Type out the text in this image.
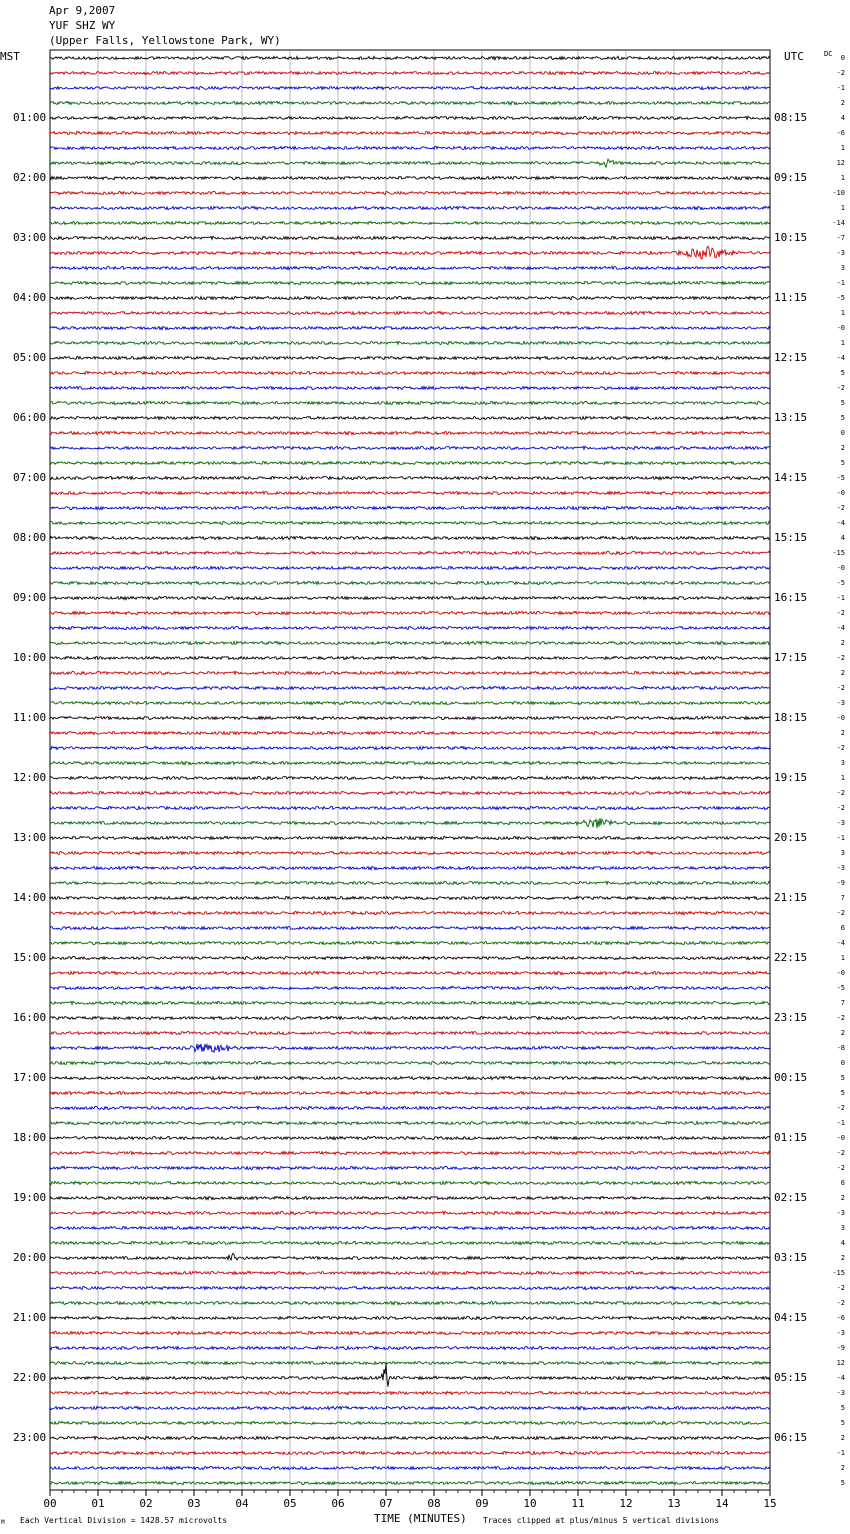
00	01	02	03	04	05	06	07	08	09	10	11	12	13	14	15
Apr 9,2007
YUF SHZ WY
(Upper Falls, Yellowstone Park, WY)
MST	UTC	DC
01:00
02:00
03:00
04:00
05:00
06:00
07:00
08:00
09:00
10:00
11:00
12:00
13:00
14:00
15:00
16:00
17:00
18:00
19:00
20:00
21:00
22:00
23:00
08:15
09:15
10:15
11:15
12:15
13:15
14:15
15:15
16:15
17:15
18:15
19:15
20:15
21:15
22:15
23:15
00:15
01:15
02:15
03:15
04:15
05:15
06:15
0
-2
-1
2
4
-6
1
12
1
-10
1
-14
-7
-3
3
-1
-5
1
-0
1
-4
5
-2
5
5
0
2
5
-5
-0
-2
-4
4
-15
-0
-5
-1
-2
-4
2
-2
2
-2
-3
-0
2
-2
3
1
-2
-2
-3
-1
3
-3
-9
7
-2
6
-4
1
-0
-5
7
-2
2
-8
0
5
5
-2
-1
-0
-2
-2
6
2
-3
3
4
2
-15
-2
-2
-6
-3
-9
12
-4
-3
5
5
2
-1
2
5
M Each Vertical Division = 1428.57 microvolts	TIME (MINUTES) Traces clipped at plus/minus 5 vertical divisions
